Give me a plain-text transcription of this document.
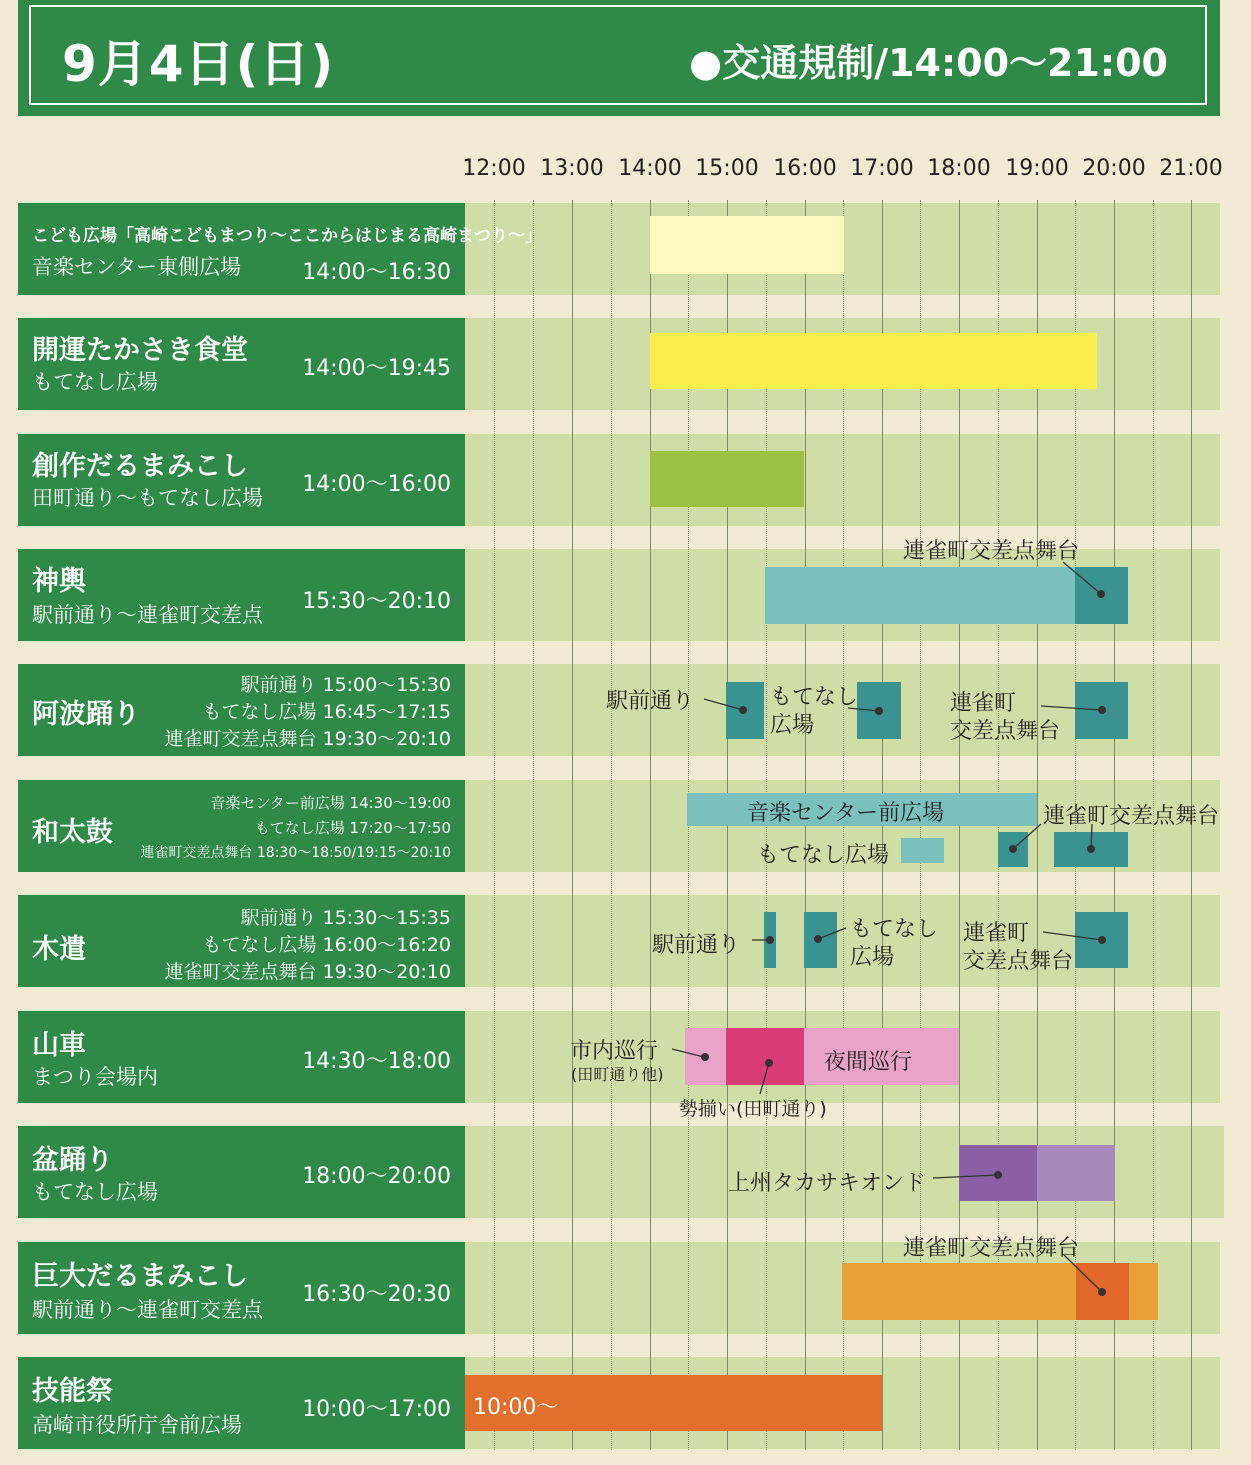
9月4日(日)	●交通規制/14:00〜21:00
12:00 13:00 14:00 15:00 16:00 17:00 18:00 19:00 20:00 21:00
こども広場「高崎こどもまつり〜ここからはじまる高崎まつり〜」
音楽センター東側広場	14:00〜16:30
開運たかさき食堂
もてなし広場
14:00〜19:45
創作だるまみこし
田町通り〜もてなし広場
14:00〜16:00
神輿
駅前通り〜連雀町交差点
15:30〜20:10
阿波踊り
駅前通り 15:00〜15:30
もてなし広場 16:45〜17:15
連雀町交差点舞台 19:30〜20:10
和太鼓
音楽センター前広場 14:30〜19:00
もてなし広場 17:20〜17:50
連雀町交差点舞台 18:30〜18:50/19:15〜20:10
木遣
駅前通り 15:30〜15:35
もてなし広場 16:00〜16:20
連雀町交差点舞台 19:30〜20:10
山車
まつり会場内
14:30〜18:00
盆踊り
もてなし広場
18:00〜20:00
巨大だるまみこし
駅前通り〜連雀町交差点
16:30〜20:30
技能祭
高崎市役所庁舎前広場
10:00〜17:00
連雀町交差点舞台
駅前通り	もてなし
広場
連雀町
交差点舞台
音楽センター前広場	連雀町交差点舞台
もてなし広場
駅前通り
もてなし
広場
連雀町
交差点舞台
市内巡行
(田町通り他)	夜間巡行
勢揃い(田町通り)
上州タカサキオンド
連雀町交差点舞台
10:00〜
